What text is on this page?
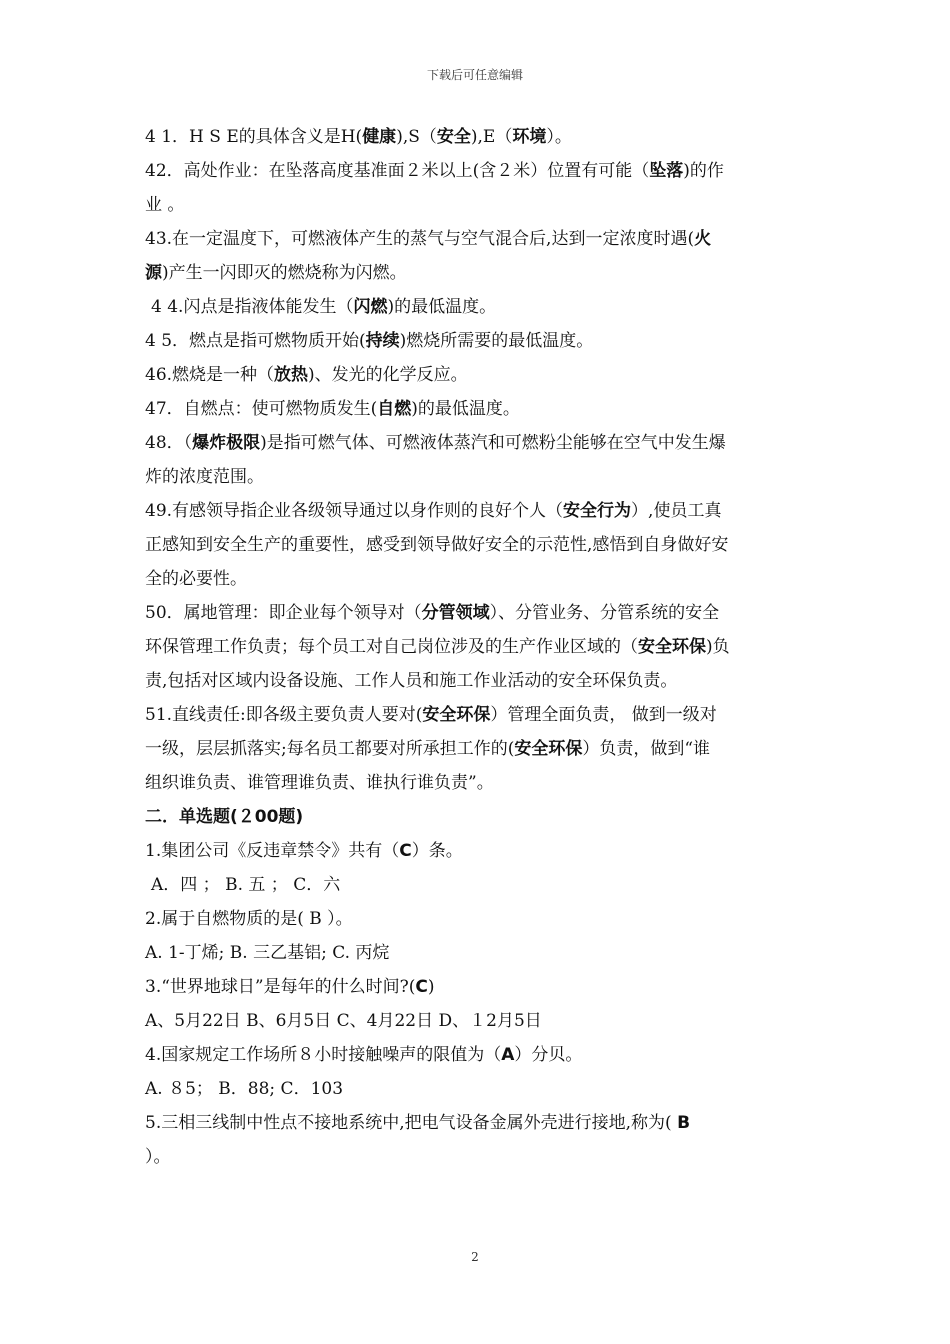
下载后可任意编辑

4 1．H S E的具体含义是H(健康),S（安全),E（环境）。

42．高处作业：在坠落高度基准面２米以上(含２米）位置有可能（坠落)的作

业 。

43.在一定温度下，可燃液体产生的蒸气与空气混合后,达到一定浓度时遇(火

源)产生一闪即灭的燃烧称为闪燃。

4 4.闪点是指液体能发生（闪燃)的最低温度。

4 5．燃点是指可燃物质开始(持续)燃烧所需要的最低温度。

46.燃烧是一种（放热)、发光的化学反应。

47．自燃点：使可燃物质发生(自燃)的最低温度。

48．（爆炸极限)是指可燃气体、可燃液体蒸汽和可燃粉尘能够在空气中发生爆

炸的浓度范围。

49.有感领导指企业各级领导通过以身作则的良好个人（安全行为）,使员工真

正感知到安全生产的重要性，感受到领导做好安全的示范性,感悟到自身做好安

全的必要性。

50．属地管理：即企业每个领导对（分管领域）、分管业务、分管系统的安全

环保管理工作负责；每个员工对自己岗位涉及的生产作业区域的（安全环保)负

责,包括对区域内设备设施、工作人员和施工作业活动的安全环保负责。

51.直线责任:即各级主要负责人要对(安全环保）管理全面负责， 做到一级对

一级，层层抓落实;每名员工都要对所承担工作的(安全环保）负责，做到“谁

组织谁负责、谁管理谁负责、谁执行谁负责”。

二．单选题(２00题)

1.集团公司《反违章禁令》共有（C）条。

A．四 ； B. 五 ； C．六

2.属于自燃物质的是( B ）。

A. 1-丁烯; B. 三乙基铝; C. 丙烷

3.“世界地球日”是每年的什么时间?(C)

A、5月22日 B、6月5日 C、4月22日 D、１2月5日

4.国家规定工作场所８小时接触噪声的限值为（A）分贝。

A. ８5； B．88; C．103

5.三相三线制中性点不接地系统中,把电气设备金属外壳进行接地,称为( B

）。

2
